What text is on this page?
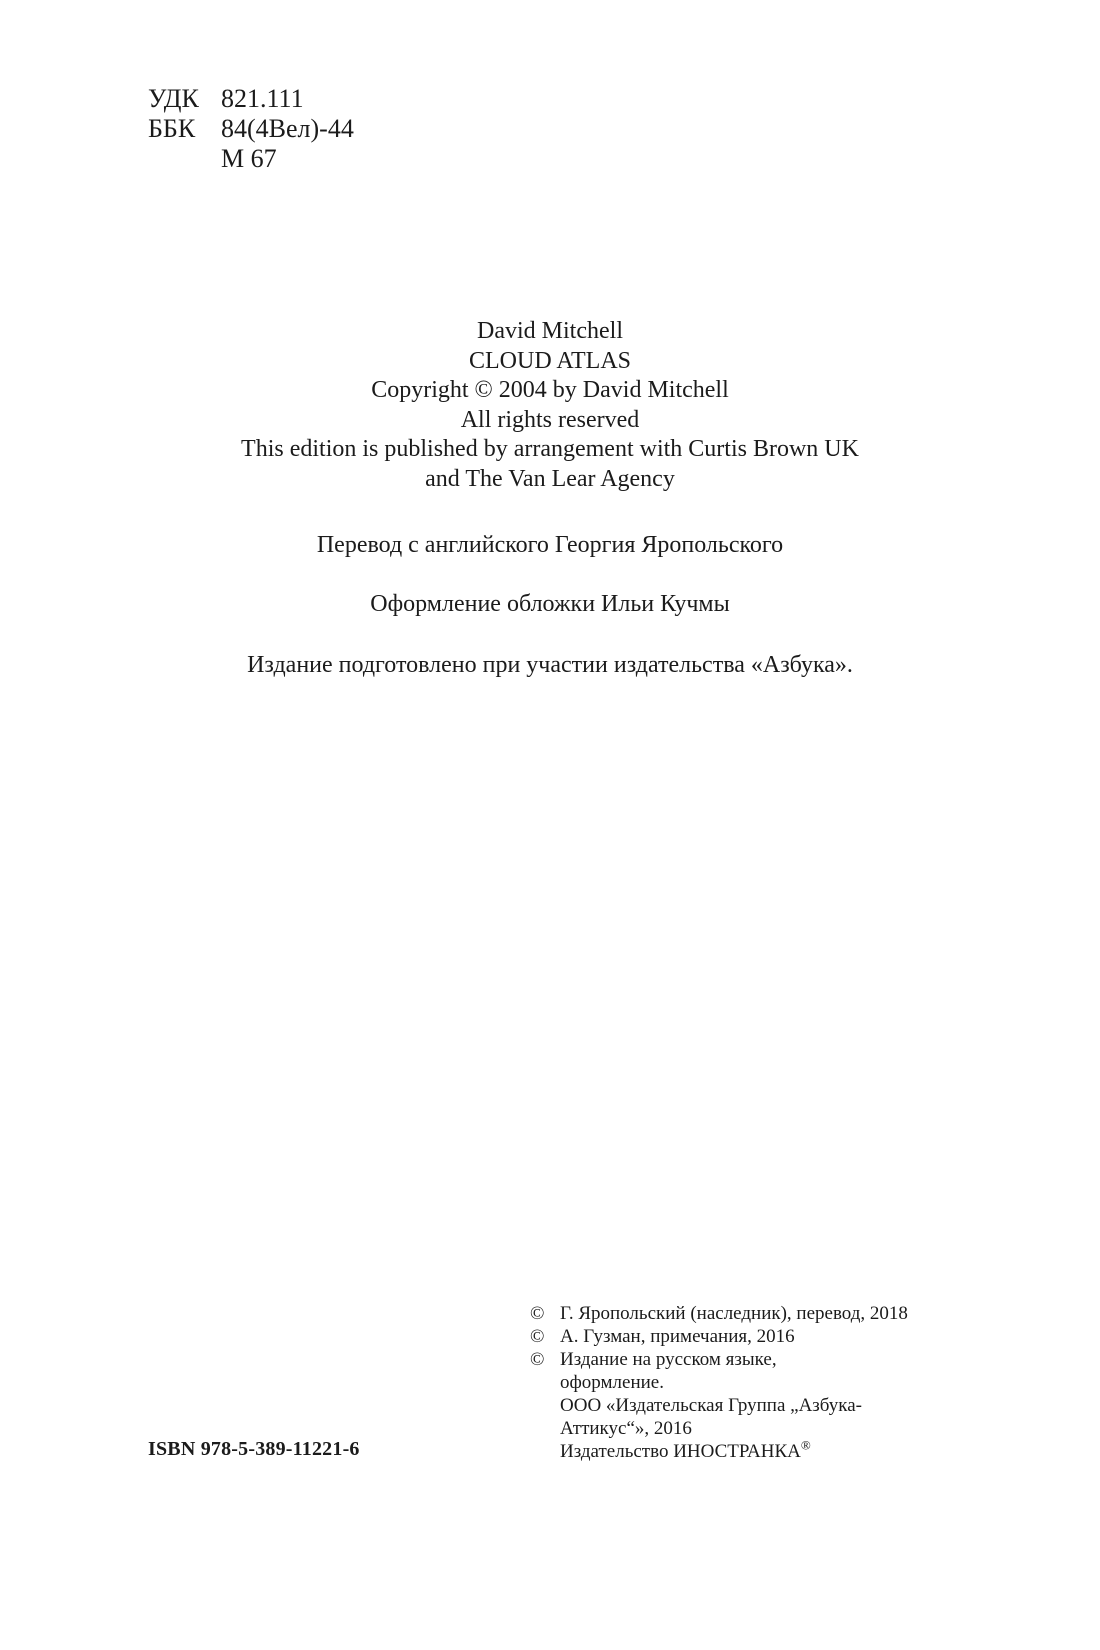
УДК 821.111
ББК 84(4Вел)-44
М 67
David Mitchell
CLOUD ATLAS
Copyright © 2004 by David Mitchell
All rights reserved
This edition is published by arrangement with Curtis Brown UK
and The Van Lear Agency
Перевод с английского Георгия Яропольского
Оформление обложки Ильи Кучмы
Издание подготовлено при участии издательства «Азбука».
ISBN 978-5-389-11221-6
© Г. Яропольский (наследник), перевод, 2018
© А. Гузман, примечания, 2016
© Издание на русском языке,
оформление.
ООО «Издательская Группа „Азбука-
Аттикус“», 2016
Издательство ИНОСТРАНКА®
